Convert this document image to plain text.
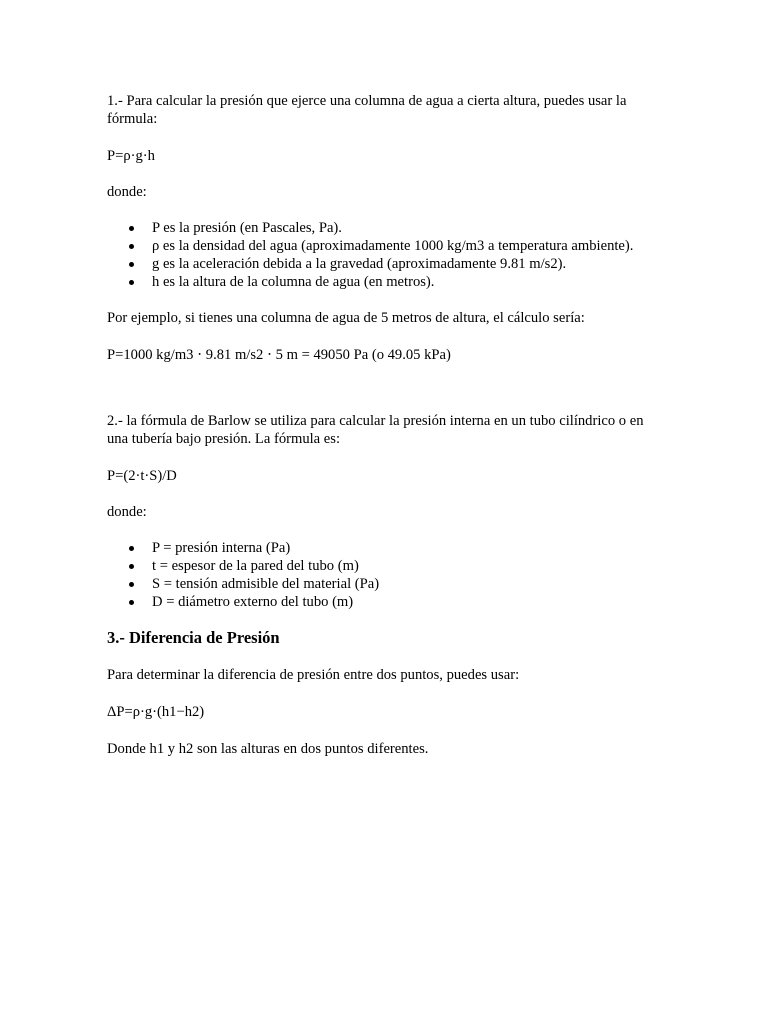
1.- Para calcular la presión que ejerce una columna de agua a cierta altura, puedes usar la fórmula:

P=ρ·g·h

donde:

P es la presión (en Pascales, Pa).
ρ es la densidad del agua (aproximadamente 1000 kg/m3 a temperatura ambiente).
g es la aceleración debida a la gravedad (aproximadamente 9.81 m/s2).
h es la altura de la columna de agua (en metros).

Por ejemplo, si tienes una columna de agua de 5 metros de altura, el cálculo sería:

P=1000 kg/m3 ⋅ 9.81 m/s2 ⋅ 5 m = 49050 Pa (o 49.05 kPa)

2.- la fórmula de Barlow se utiliza para calcular la presión interna en un tubo cilíndrico o en una tubería bajo presión. La fórmula es:

P=(2·t·S)/D

donde:

P = presión interna (Pa)
t = espesor de la pared del tubo (m)
S = tensión admisible del material (Pa)
D = diámetro externo del tubo (m)
3.- Diferencia de Presión

Para determinar la diferencia de presión entre dos puntos, puedes usar:

ΔP=ρ·g·(h1−h2)

Donde h1 y h2 son las alturas en dos puntos diferentes.
